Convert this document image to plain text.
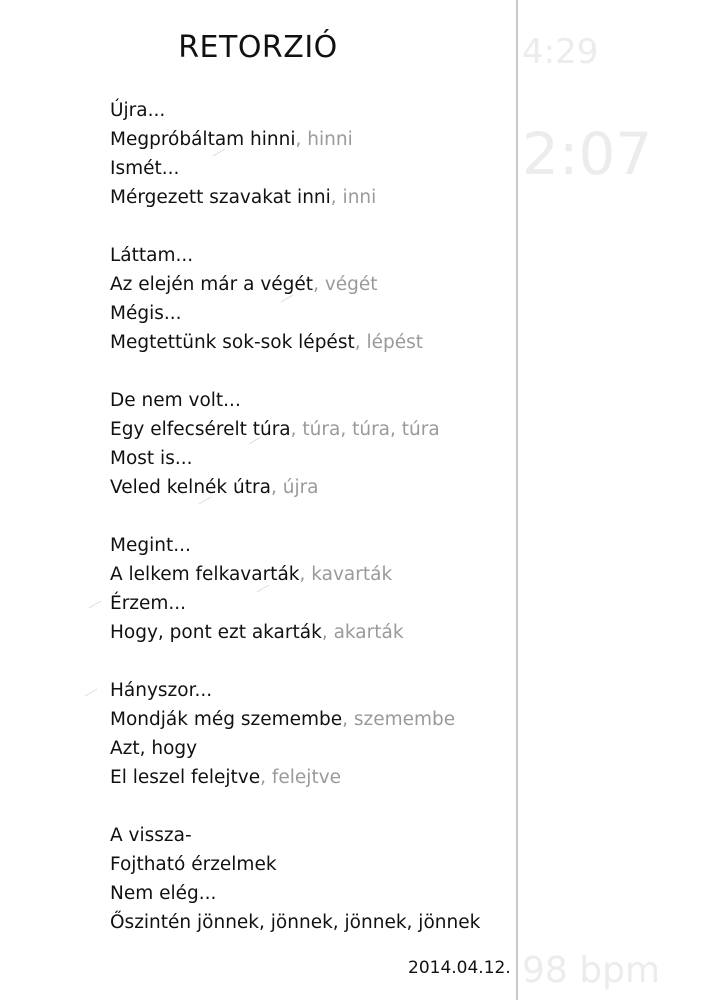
RETORZIÓ
Újra...
Megpróbáltam hinni, hinni
Ismét...
Mérgezett szavakat inni, inni
Láttam...
Az elején már a végét, végét
Mégis...
Megtettünk sok-sok lépést, lépést
De nem volt...
Egy elfecsérelt túra, túra, túra, túra
Most is...
Veled kelnék útra, újra
Megint...
A lelkem felkavarták, kavarták
Érzem...
Hogy, pont ezt akarták, akarták
Hányszor...
Mondják még szemembe, szemembe
Azt, hogy
El leszel felejtve, felejtve
A vissza-
Fojtható érzelmek
Nem elég...
Őszintén jönnek, jönnek, jönnek, jönnek
2014.04.12.
4:29
2:07
98 bpm
